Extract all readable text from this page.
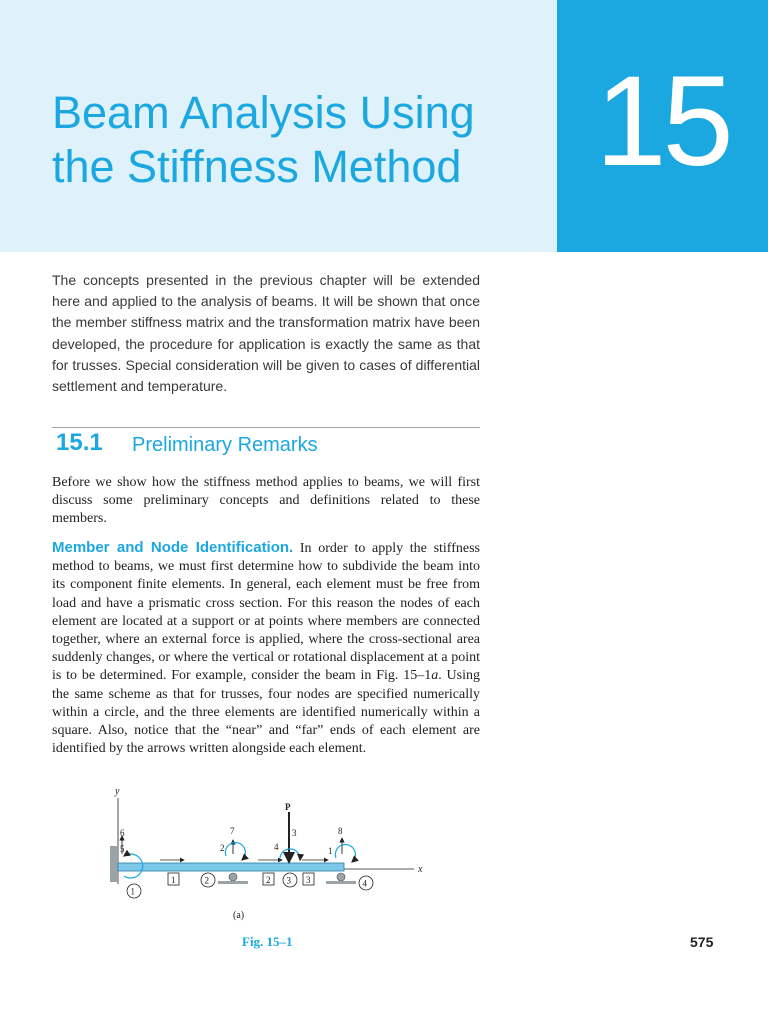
15
Beam Analysis Using
the Stiffness Method

The concepts presented in the previous chapter will be extended here and applied to the analysis of beams. It will be shown that once the member stiffness matrix and the transformation matrix have been developed, the procedure for application is exactly the same as that for trusses. Special consideration will be given to cases of differential settlement and temperature.

15.1 Preliminary Remarks

Before we show how the stiffness method applies to beams, we will first discuss some preliminary concepts and definitions related to these members.

Member and Node Identification. In order to apply the stiffness method to beams, we must first determine how to subdivide the beam into its component finite elements. In general, each element must be free from load and have a prismatic cross section. For this reason the nodes of each element are located at a support or at points where members are connected together, where an external force is applied, where the cross-sectional area suddenly changes, or where the vertical or rotational displacement at a point is to be determined. For example, consider the beam in Fig. 15–1a. Using the same scheme as that for trusses, four nodes are specified numerically within a circle, and the three elements are identified numerically within a square. Also, notice that the “near” and “far” ends of each element are identified by the arrows written alongside each element.

y
x
6
5
7
2
P
4
3	8
1
1
2	3	4
1	2	3
(a)
Fig. 15–1	575
